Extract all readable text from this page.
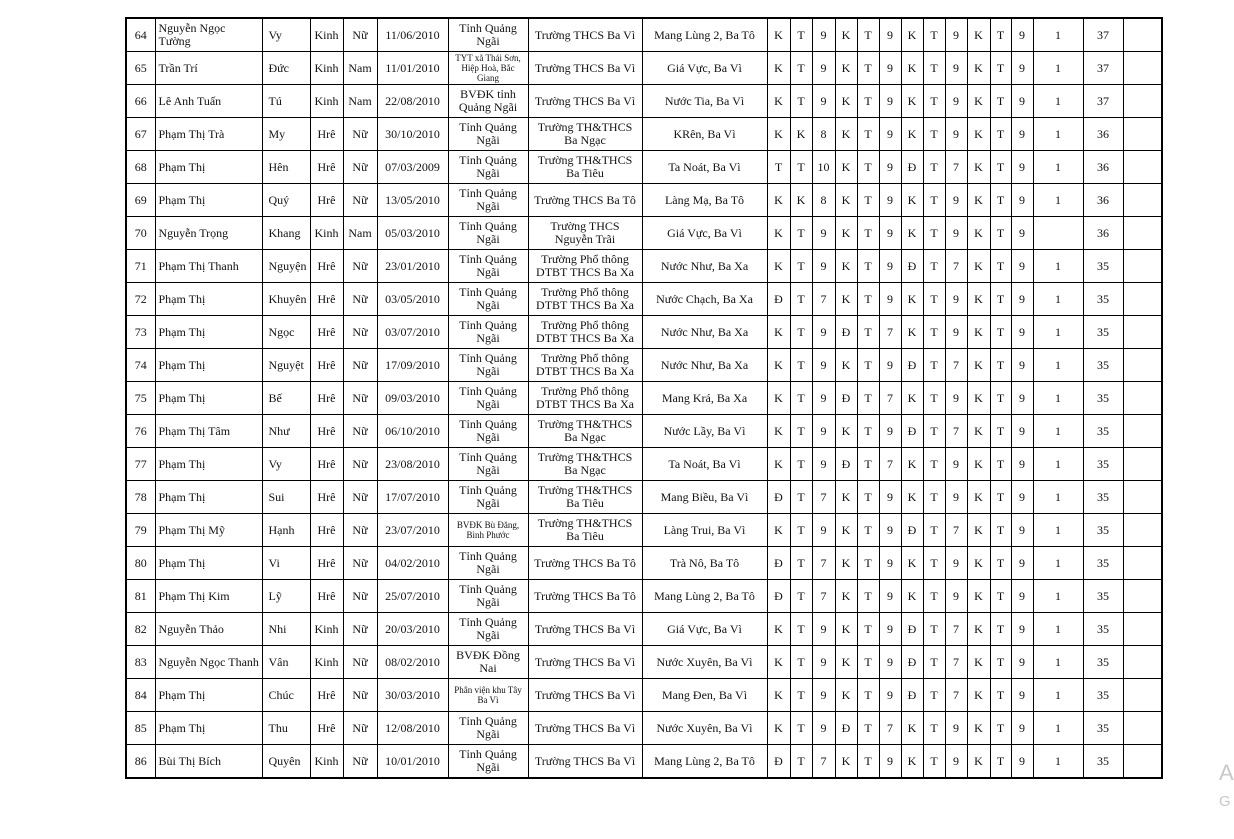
64	Nguyễn Ngọc Tường	Vy	Kinh	Nữ	11/06/2010	Tỉnh Quảng Ngãi	Trường THCS Ba Vì	Mang Lùng 2, Ba Tô	K	T	9	K	T	9	K	T	9	K	T	9	1	37	
65	Trần Trí	Đức	Kinh	Nam	11/01/2010	TYT xã Thái Sơn, Hiệp Hoà, Bắc Giang	Trường THCS Ba Vì	Giá Vực, Ba Vì	K	T	9	K	T	9	K	T	9	K	T	9	1	37	
66	Lê Anh Tuấn	Tú	Kinh	Nam	22/08/2010	BVĐK tỉnh Quảng Ngãi	Trường THCS Ba Vì	Nước Tia, Ba Vì	K	T	9	K	T	9	K	T	9	K	T	9	1	37	
67	Phạm Thị Trà	My	Hrê	Nữ	30/10/2010	Tỉnh Quảng Ngãi	Trường TH&THCS Ba Ngạc	KRên, Ba Vì	K	K	8	K	T	9	K	T	9	K	T	9	1	36	
68	Phạm Thị	Hên	Hrê	Nữ	07/03/2009	Tỉnh Quảng Ngãi	Trường TH&THCS Ba Tiêu	Ta Noát, Ba Vì	T	T	10	K	T	9	Đ	T	7	K	T	9	1	36	
69	Phạm Thị	Quý	Hrê	Nữ	13/05/2010	Tỉnh Quảng Ngãi	Trường THCS Ba Tô	Làng Mạ, Ba Tô	K	K	8	K	T	9	K	T	9	K	T	9	1	36	
70	Nguyễn Trọng	Khang	Kinh	Nam	05/03/2010	Tỉnh Quảng Ngãi	Trường THCS Nguyễn Trãi	Giá Vực, Ba Vì	K	T	9	K	T	9	K	T	9	K	T	9		36	
71	Phạm Thị Thanh	Nguyện	Hrê	Nữ	23/01/2010	Tỉnh Quảng Ngãi	Trường Phổ thông DTBT THCS Ba Xa	Nước Như, Ba Xa	K	T	9	K	T	9	Đ	T	7	K	T	9	1	35	
72	Phạm Thị	Khuyên	Hrê	Nữ	03/05/2010	Tỉnh Quảng Ngãi	Trường Phổ thông DTBT THCS Ba Xa	Nước Chạch, Ba Xa	Đ	T	7	K	T	9	K	T	9	K	T	9	1	35	
73	Phạm Thị	Ngọc	Hrê	Nữ	03/07/2010	Tỉnh Quảng Ngãi	Trường Phổ thông DTBT THCS Ba Xa	Nước Như, Ba Xa	K	T	9	Đ	T	7	K	T	9	K	T	9	1	35	
74	Phạm Thị	Nguyệt	Hrê	Nữ	17/09/2010	Tỉnh Quảng Ngãi	Trường Phổ thông DTBT THCS Ba Xa	Nước Như, Ba Xa	K	T	9	K	T	9	Đ	T	7	K	T	9	1	35	
75	Phạm Thị	Bế	Hrê	Nữ	09/03/2010	Tỉnh Quảng Ngãi	Trường Phổ thông DTBT THCS Ba Xa	Mang Krá, Ba Xa	K	T	9	Đ	T	7	K	T	9	K	T	9	1	35	
76	Phạm Thị Tâm	Như	Hrê	Nữ	06/10/2010	Tỉnh Quảng Ngãi	Trường TH&THCS Ba Ngạc	Nước Lầy, Ba Vì	K	T	9	K	T	9	Đ	T	7	K	T	9	1	35	
77	Phạm Thị	Vy	Hrê	Nữ	23/08/2010	Tỉnh Quảng Ngãi	Trường TH&THCS Ba Ngạc	Ta Noát, Ba Vì	K	T	9	Đ	T	7	K	T	9	K	T	9	1	35	
78	Phạm Thị	Sui	Hrê	Nữ	17/07/2010	Tỉnh Quảng Ngãi	Trường TH&THCS Ba Tiêu	Mang Biều, Ba Vì	Đ	T	7	K	T	9	K	T	9	K	T	9	1	35	
79	Phạm Thị Mỹ	Hạnh	Hrê	Nữ	23/07/2010	BVĐK Bù Đăng, Bình Phước	Trường TH&THCS Ba Tiêu	Làng Trui, Ba Vì	K	T	9	K	T	9	Đ	T	7	K	T	9	1	35	
80	Phạm Thị	Vi	Hrê	Nữ	04/02/2010	Tỉnh Quảng Ngãi	Trường THCS Ba Tô	Trà Nô, Ba Tô	Đ	T	7	K	T	9	K	T	9	K	T	9	1	35	
81	Phạm Thị Kim	Lỹ	Hrê	Nữ	25/07/2010	Tỉnh Quảng Ngãi	Trường THCS Ba Tô	Mang Lùng 2, Ba Tô	Đ	T	7	K	T	9	K	T	9	K	T	9	1	35	
82	Nguyễn Thảo	Nhi	Kinh	Nữ	20/03/2010	Tỉnh Quảng Ngãi	Trường THCS Ba Vì	Giá Vực, Ba Vì	K	T	9	K	T	9	Đ	T	7	K	T	9	1	35	
83	Nguyễn Ngọc Thanh	Vân	Kinh	Nữ	08/02/2010	BVĐK Đồng Nai	Trường THCS Ba Vì	Nước Xuyên, Ba Vì	K	T	9	K	T	9	Đ	T	7	K	T	9	1	35	
84	Phạm Thị	Chúc	Hrê	Nữ	30/03/2010	Phân viện khu Tây Ba Vì	Trường THCS Ba Vì	Mang Đen, Ba Vì	K	T	9	K	T	9	Đ	T	7	K	T	9	1	35	
85	Phạm Thị	Thu	Hrê	Nữ	12/08/2010	Tỉnh Quảng Ngãi	Trường THCS Ba Vì	Nước Xuyên, Ba Vì	K	T	9	Đ	T	7	K	T	9	K	T	9	1	35	
86	Bùi Thị Bích	Quyên	Kinh	Nữ	10/01/2010	Tỉnh Quảng Ngãi	Trường THCS Ba Vì	Mang Lùng 2, Ba Tô	Đ	T	7	K	T	9	K	T	9	K	T	9	1	35		A
G
